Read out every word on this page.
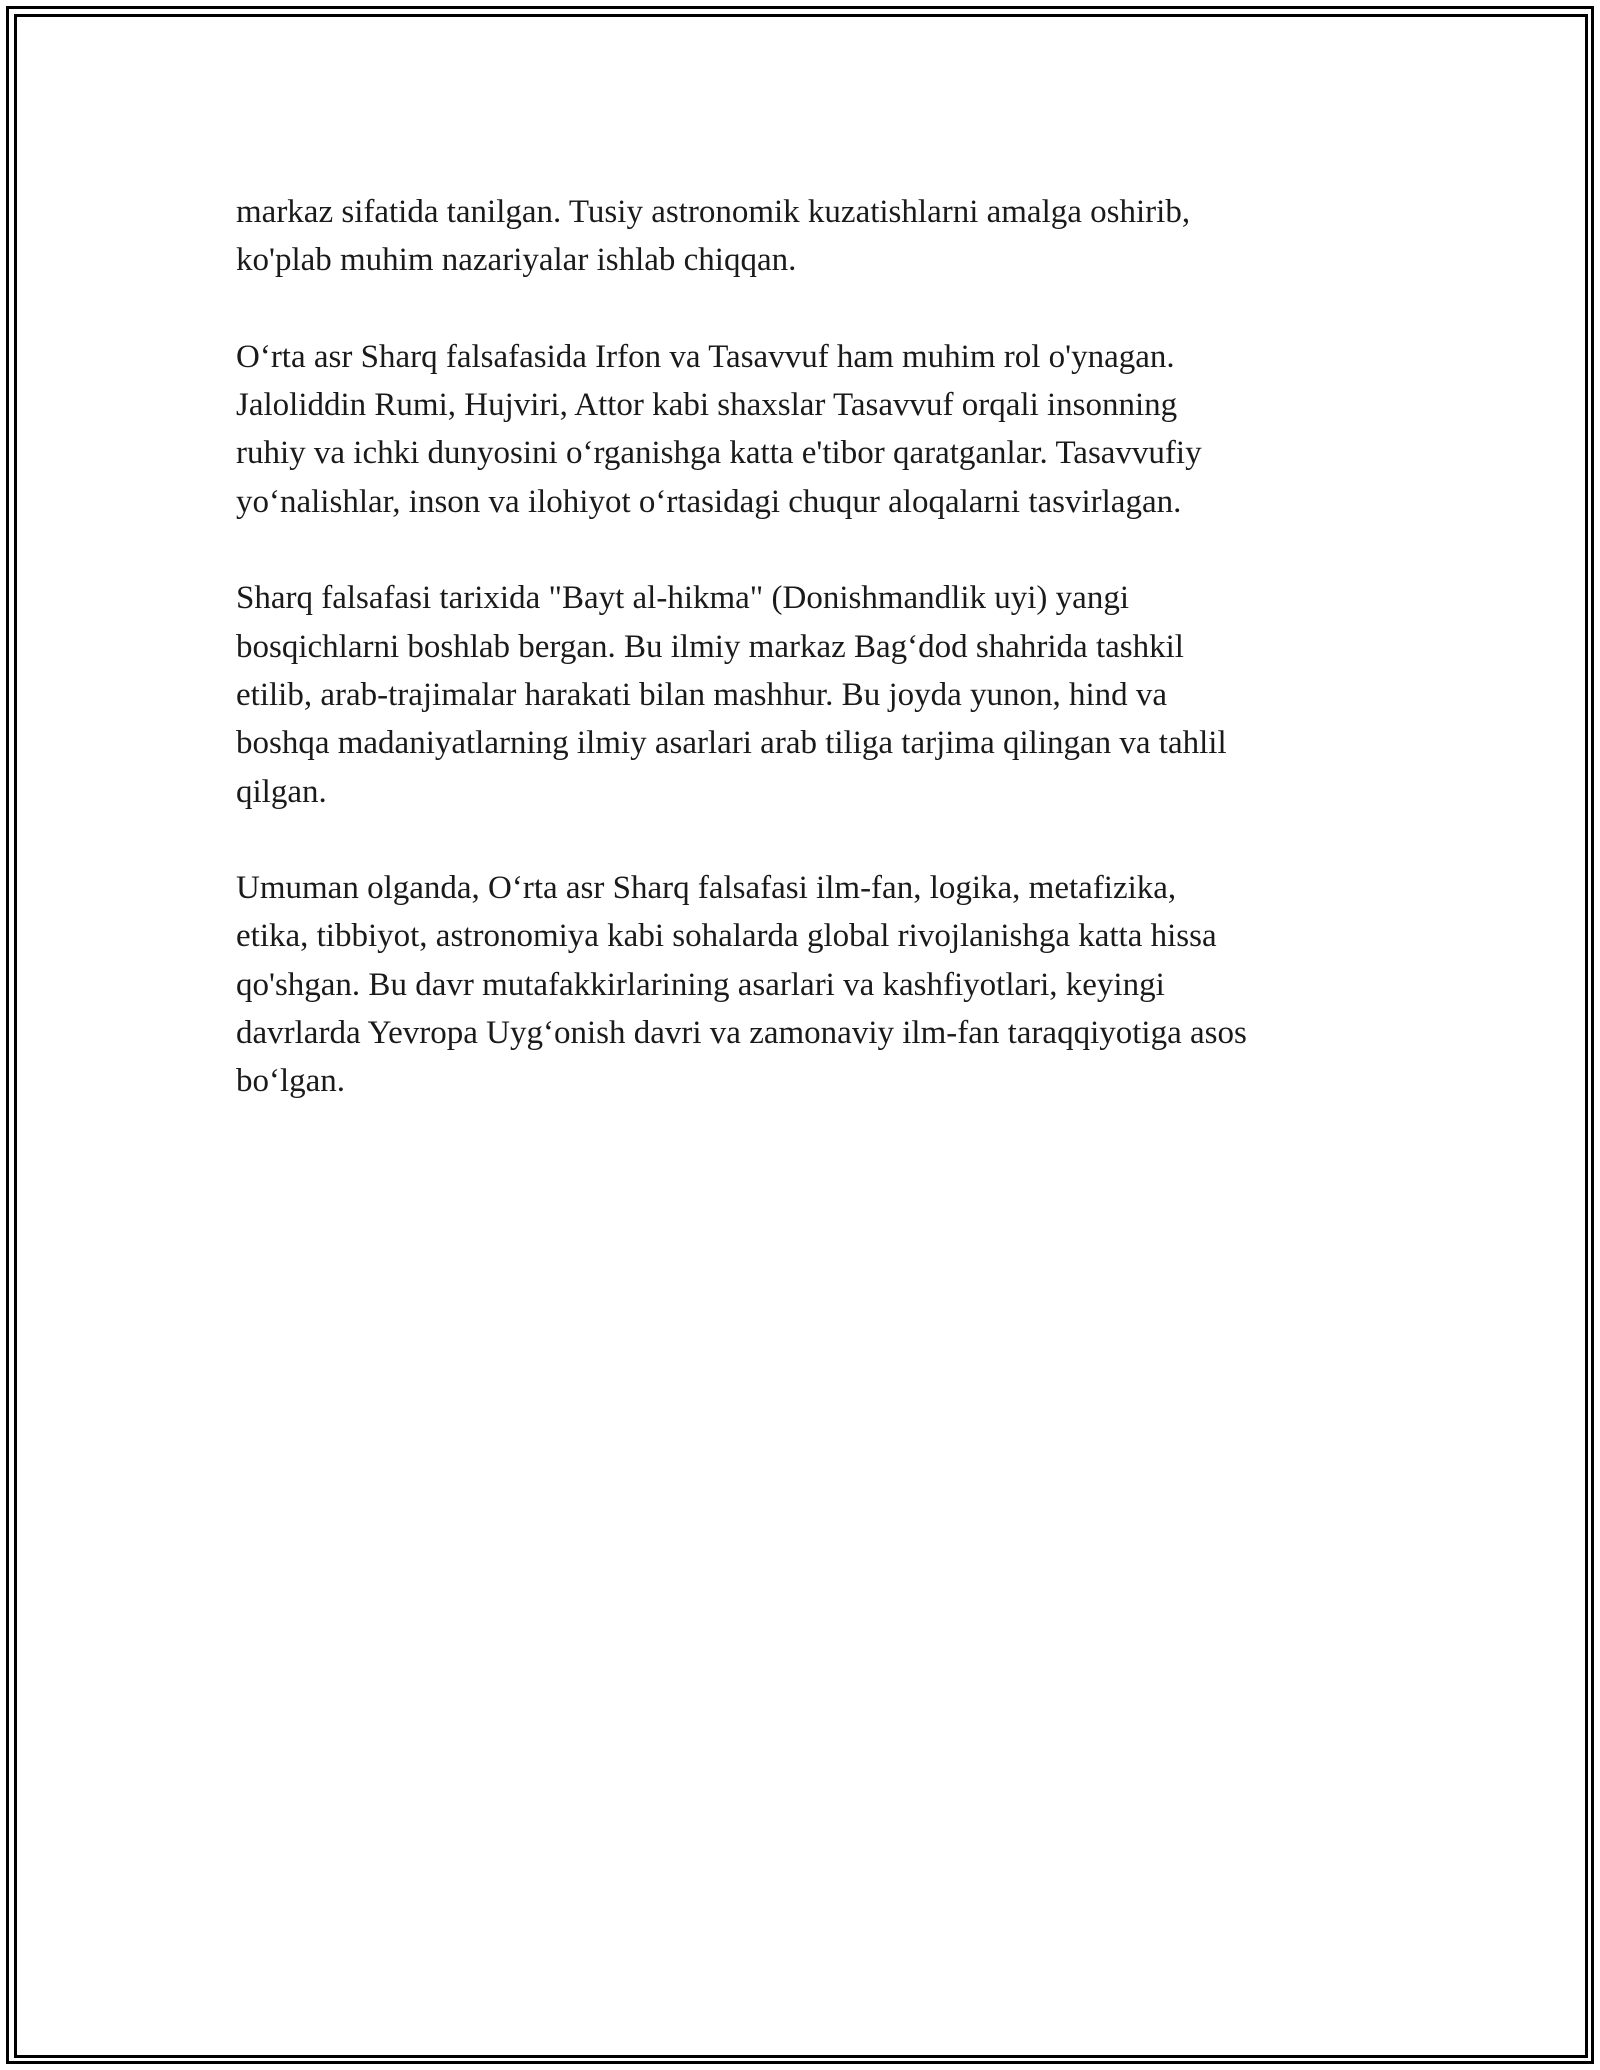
markaz sifatida tanilgan. Tusiy astronomik kuzatishlarni amalga oshirib,
ko'plab muhim nazariyalar ishlab chiqqan.

O‘rta asr Sharq falsafasida Irfon va Tasavvuf ham muhim rol o'ynagan.
Jaloliddin Rumi, Hujviri, Attor kabi shaxslar Tasavvuf orqali insonning
ruhiy va ichki dunyosini o‘rganishga katta e'tibor qaratganlar. Tasavvufiy
yo‘nalishlar, inson va ilohiyot o‘rtasidagi chuqur aloqalarni tasvirlagan.

Sharq falsafasi tarixida "Bayt al-hikma" (Donishmandlik uyi) yangi
bosqichlarni boshlab bergan. Bu ilmiy markaz Bag‘dod shahrida tashkil
etilib, arab-trajimalar harakati bilan mashhur. Bu joyda yunon, hind va
boshqa madaniyatlarning ilmiy asarlari arab tiliga tarjima qilingan va tahlil
qilgan.

Umuman olganda, O‘rta asr Sharq falsafasi ilm-fan, logika, metafizika,
etika, tibbiyot, astronomiya kabi sohalarda global rivojlanishga katta hissa
qo'shgan. Bu davr mutafakkirlarining asarlari va kashfiyotlari, keyingi
davrlarda Yevropa Uyg‘onish davri va zamonaviy ilm-fan taraqqiyotiga asos
bo‘lgan.
